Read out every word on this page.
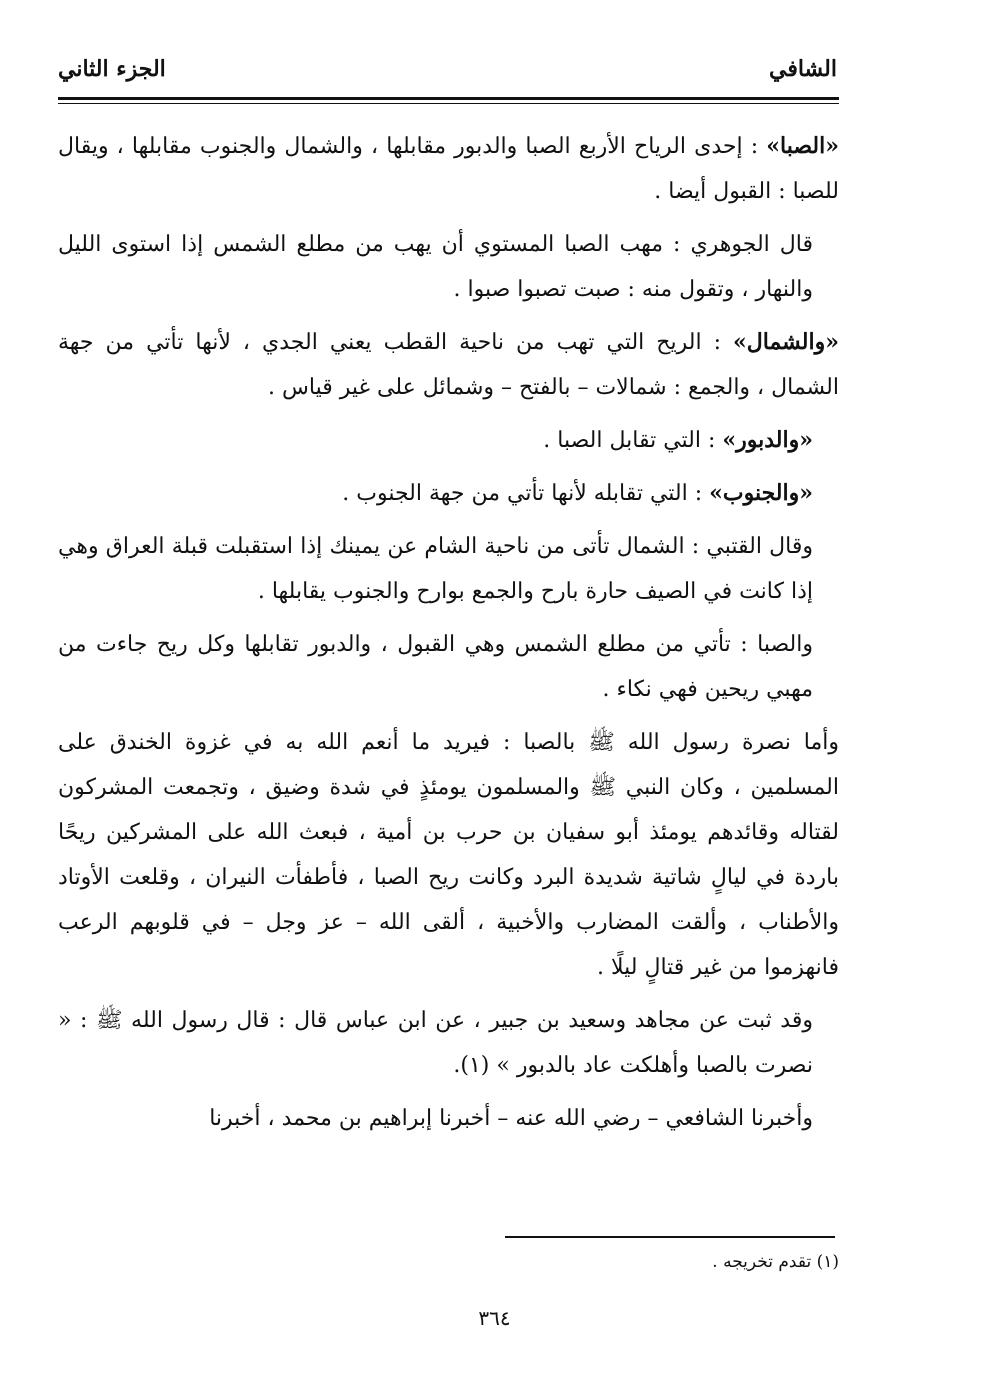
الشافي
الجزء الثاني

«الصبا» : إحدى الرياح الأربع الصبا والدبور مقابلها ، والشمال والجنوب مقابلها ، ويقال للصبا : القبول أيضا .

قال الجوهري : مهب الصبا المستوي أن يهب من مطلع الشمس إذا استوى الليل والنهار ، وتقول منه : صبت تصبوا صبوا .

«والشمال» : الريح التي تهب من ناحية القطب يعني الجدي ، لأنها تأتي من جهة الشمال ، والجمع : شمالات – بالفتح – وشمائل على غير قياس .

«والدبور» : التي تقابل الصبا .

«والجنوب» : التي تقابله لأنها تأتي من جهة الجنوب .

وقال القتبي : الشمال تأتى من ناحية الشام عن يمينك إذا استقبلت قبلة العراق وهي إذا كانت في الصيف حارة بارح والجمع بوارح والجنوب يقابلها .

والصبا : تأتي من مطلع الشمس وهي القبول ، والدبور تقابلها وكل ريح جاءت من مهبي ريحين فهي نكاء .

وأما نصرة رسول الله ﷺ بالصبا : فيريد ما أنعم الله به في غزوة الخندق على المسلمين ، وكان النبي ﷺ والمسلمون يومئذٍ في شدة وضيق ، وتجمعت المشركون لقتاله وقائدهم يومئذ أبو سفيان بن حرب بن أمية ، فبعث الله على المشركين ريحًا باردة في ليالٍ شاتية شديدة البرد وكانت ريح الصبا ، فأطفأت النيران ، وقلعت الأوتاد والأطناب ، وألقت المضارب والأخبية ، ألقى الله – عز وجل – في قلوبهم الرعب فانهزموا من غير قتالٍ ليلًا .

وقد ثبت عن مجاهد وسعيد بن جبير ، عن ابن عباس قال : قال رسول الله ﷺ : « نصرت بالصبا وأهلكت عاد بالدبور » (١).

وأخبرنا الشافعي – رضي الله عنه – أخبرنا إبراهيم بن محمد ، أخبرنا

(١) تقدم تخريجه .
٣٦٤
